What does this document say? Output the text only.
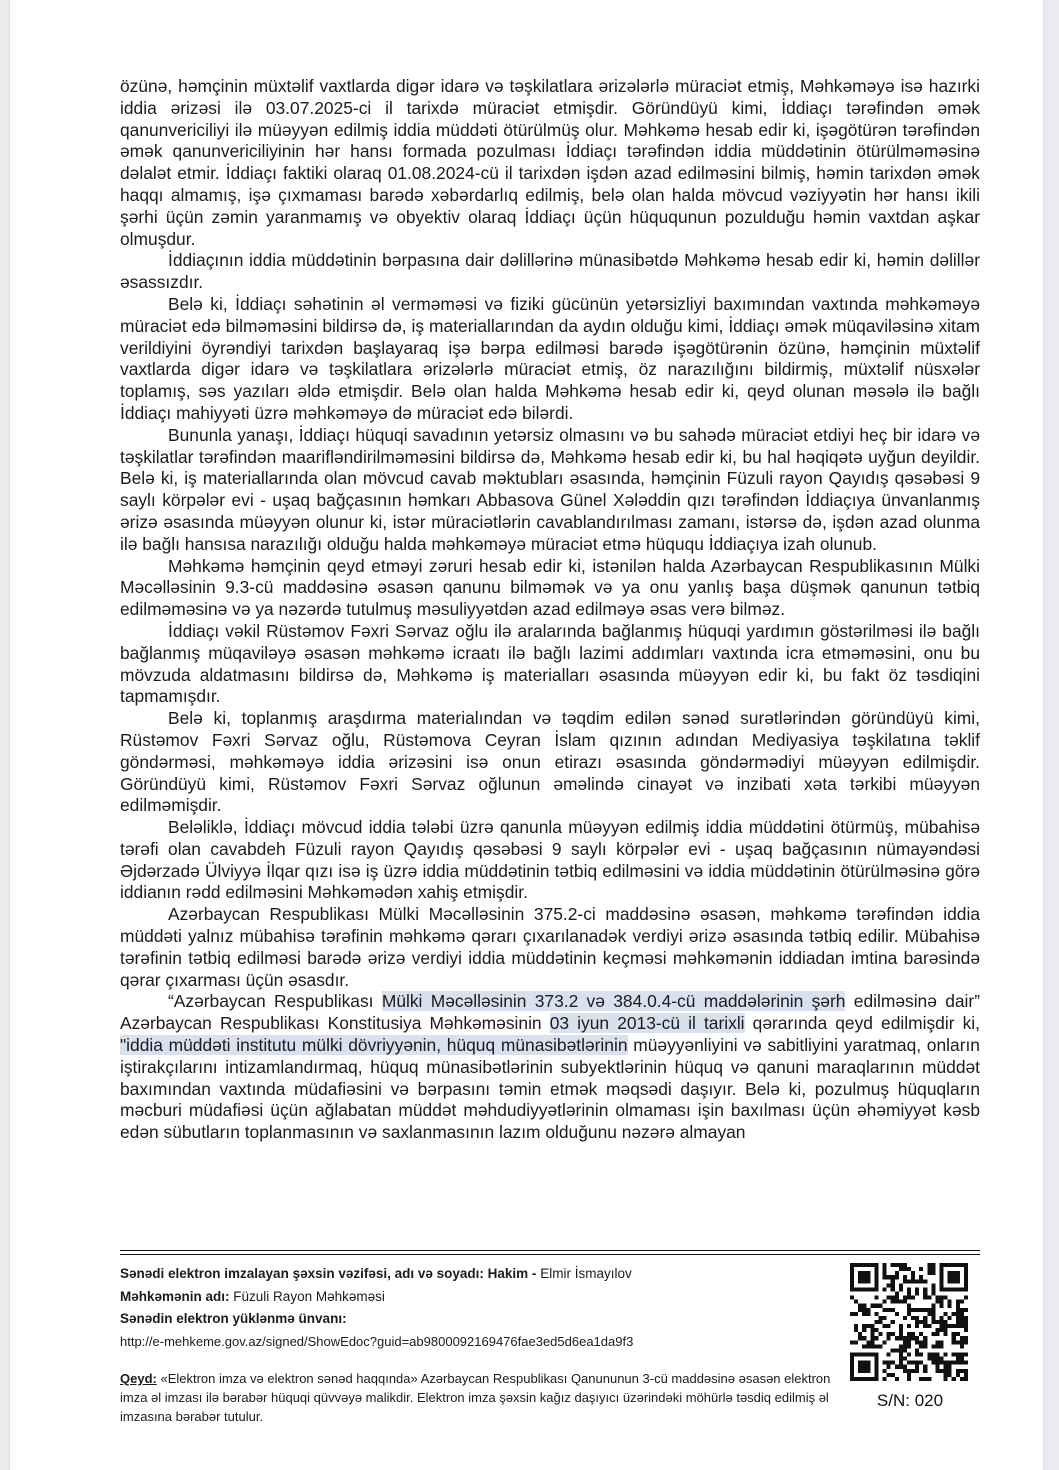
özünə, həmçinin müxtəlif vaxtlarda digər idarə və təşkilatlara ərizələrlə müraciət etmiş, Məhkəməyə isə hazırki iddia ərizəsi ilə 03.07.2025-ci il tarixdə müraciət etmişdir. Göründüyü kimi, İddiaçı tərəfindən əmək qanunvericiliyi ilə müəyyən edilmiş iddia müddəti ötürülmüş olur. Məhkəmə hesab edir ki, işəgötürən tərəfindən əmək qanunvericiliyinin hər hansı formada pozulması İddiaçı tərəfindən iddia müddətinin ötürülməməsinə dəlalət etmir. İddiaçı faktiki olaraq 01.08.2024-cü il tarixdən işdən azad edilməsini bilmiş, həmin tarixdən əmək haqqı almamış, işə çıxmaması barədə xəbərdarlıq edilmiş, belə olan halda mövcud vəziyyətin hər hansı ikili şərhi üçün zəmin yaranmamış və obyektiv olaraq İddiaçı üçün hüququnun pozulduğu həmin vaxtdan aşkar olmuşdur.

İddiaçının iddia müddətinin bərpasına dair dəlillərinə münasibətdə Məhkəmə hesab edir ki, həmin dəlillər əsassızdır.

Belə ki, İddiaçı səhətinin əl verməməsi və fiziki gücünün yetərsizliyi baxımından vaxtında məhkəməyə müraciət edə bilməməsini bildirsə də, iş materiallarından da aydın olduğu kimi, İddiaçı əmək müqaviləsinə xitam verildiyini öyrəndiyi tarixdən başlayaraq işə bərpa edilməsi barədə işəgötürənin özünə, həmçinin müxtəlif vaxtlarda digər idarə və təşkilatlara ərizələrlə müraciət etmiş, öz narazılığını bildirmiş, müxtəlif nüsxələr toplamış, səs yazıları əldə etmişdir. Belə olan halda Məhkəmə hesab edir ki, qeyd olunan məsələ ilə bağlı İddiaçı mahiyyəti üzrə məhkəməyə də müraciət edə bilərdi.

Bununla yanaşı, İddiaçı hüquqi savadının yetərsiz olmasını və bu sahədə müraciət etdiyi heç bir idarə və təşkilatlar tərəfindən maarifləndirilməməsini bildirsə də, Məhkəmə hesab edir ki, bu hal həqiqətə uyğun deyildir. Belə ki, iş materiallarında olan mövcud cavab məktubları əsasında, həmçinin Füzuli rayon Qayıdış qəsəbəsi 9 saylı körpələr evi - uşaq bağçasının həmkarı Abbasova Günel Xələddin qızı tərəfindən İddiaçıya ünvanlanmış ərizə əsasında müəyyən olunur ki, istər müraciətlərin cavablandırılması zamanı, istərsə də, işdən azad olunma ilə bağlı hansısa narazılığı olduğu halda məhkəməyə müraciət etmə hüququ İddiaçıya izah olunub.

Məhkəmə həmçinin qeyd etməyi zəruri hesab edir ki, istənilən halda Azərbaycan Respublikasının Mülki Məcəlləsinin 9.3-cü maddəsinə əsasən qanunu bilməmək və ya onu yanlış başa düşmək qanunun tətbiq edilməməsinə və ya nəzərdə tutulmuş məsuliyyətdən azad edilməyə əsas verə bilməz.

İddiaçı vəkil Rüstəmov Fəxri Sərvaz oğlu ilə aralarında bağlanmış hüquqi yardımın göstərilməsi ilə bağlı bağlanmış müqaviləyə əsasən məhkəmə icraatı ilə bağlı lazimi addımları vaxtında icra etməməsini, onu bu mövzuda aldatmasını bildirsə də, Məhkəmə iş materialları əsasında müəyyən edir ki, bu fakt öz təsdiqini tapmamışdır.

Belə ki, toplanmış araşdırma materialından və təqdim edilən sənəd surətlərindən göründüyü kimi, Rüstəmov Fəxri Sərvaz oğlu, Rüstəmova Ceyran İslam qızının adından Mediyasiya təşkilatına təklif göndərməsi, məhkəməyə iddia ərizəsini isə onun etirazı əsasında göndərmədiyi müəyyən edilmişdir. Göründüyü kimi, Rüstəmov Fəxri Sərvaz oğlunun əməlində cinayət və inzibati xəta tərkibi müəyyən edilməmişdir.

Beləliklə, İddiaçı mövcud iddia tələbi üzrə qanunla müəyyən edilmiş iddia müddətini ötürmüş, mübahisə tərəfi olan cavabdeh Füzuli rayon Qayıdış qəsəbəsi 9 saylı körpələr evi - uşaq bağçasının nümayəndəsi Əjdərzadə Ülviyyə İlqar qızı isə iş üzrə iddia müddətinin tətbiq edilməsini və iddia müddətinin ötürülməsinə görə iddianın rədd edilməsini Məhkəmədən xahiş etmişdir.

Azərbaycan Respublikası Mülki Məcəlləsinin 375.2-ci maddəsinə əsasən, məhkəmə tərəfindən iddia müddəti yalnız mübahisə tərəfinin məhkəmə qərarı çıxarılanadək verdiyi ərizə əsasında tətbiq edilir. Mübahisə tərəfinin tətbiq edilməsi barədə ərizə verdiyi iddia müddətinin keçməsi məhkəmənin iddiadan imtina barəsində qərar çıxarması üçün əsasdır.

“Azərbaycan Respublikası Mülki Məcəlləsinin 373.2 və 384.0.4-cü maddələrinin şərh edilməsinə dair” Azərbaycan Respublikası Konstitusiya Məhkəməsinin 03 iyun 2013-cü il tarixli qərarında qeyd edilmişdir ki, "iddia müddəti institutu mülki dövriyyənin, hüquq münasibətlərinin müəyyənliyini və sabitliyini yaratmaq, onların iştirakçılarını intizamlandırmaq, hüquq münasibətlərinin subyektlərinin hüquq və qanuni maraqlarının müddət baxımından vaxtında müdafiəsini və bərpasını təmin etmək məqsədi daşıyır. Belə ki, pozulmuş hüquqların məcburi müdafiəsi üçün ağlabatan müddət məhdudiyyətlərinin olmaması işin baxılması üçün əhəmiyyət kəsb edən sübutların toplanmasının və saxlanmasının lazım olduğunu nəzərə almayan

Sənədi elektron imzalayan şəxsin vəzifəsi, adı və soyadı: Hakim - Elmir İsmayılov
Məhkəmənin adı: Füzuli Rayon Məhkəməsi
Sənədin elektron yüklənmə ünvanı:
http://e-mehkeme.gov.az/signed/ShowEdoc?guid=ab9800092169476fae3ed5d6ea1da9f3
Qeyd: «Elektron imza və elektron sənəd haqqında» Azərbaycan Respublikası Qanununun 3-cü maddəsinə əsasən elektron imza əl imzası ilə bərabər hüquqi qüvvəyə malikdir. Elektron imza şəxsin kağız daşıyıcı üzərindəki möhürlə təsdiq edilmiş əl imzasına bərabər tutulur.
S/N: 020
